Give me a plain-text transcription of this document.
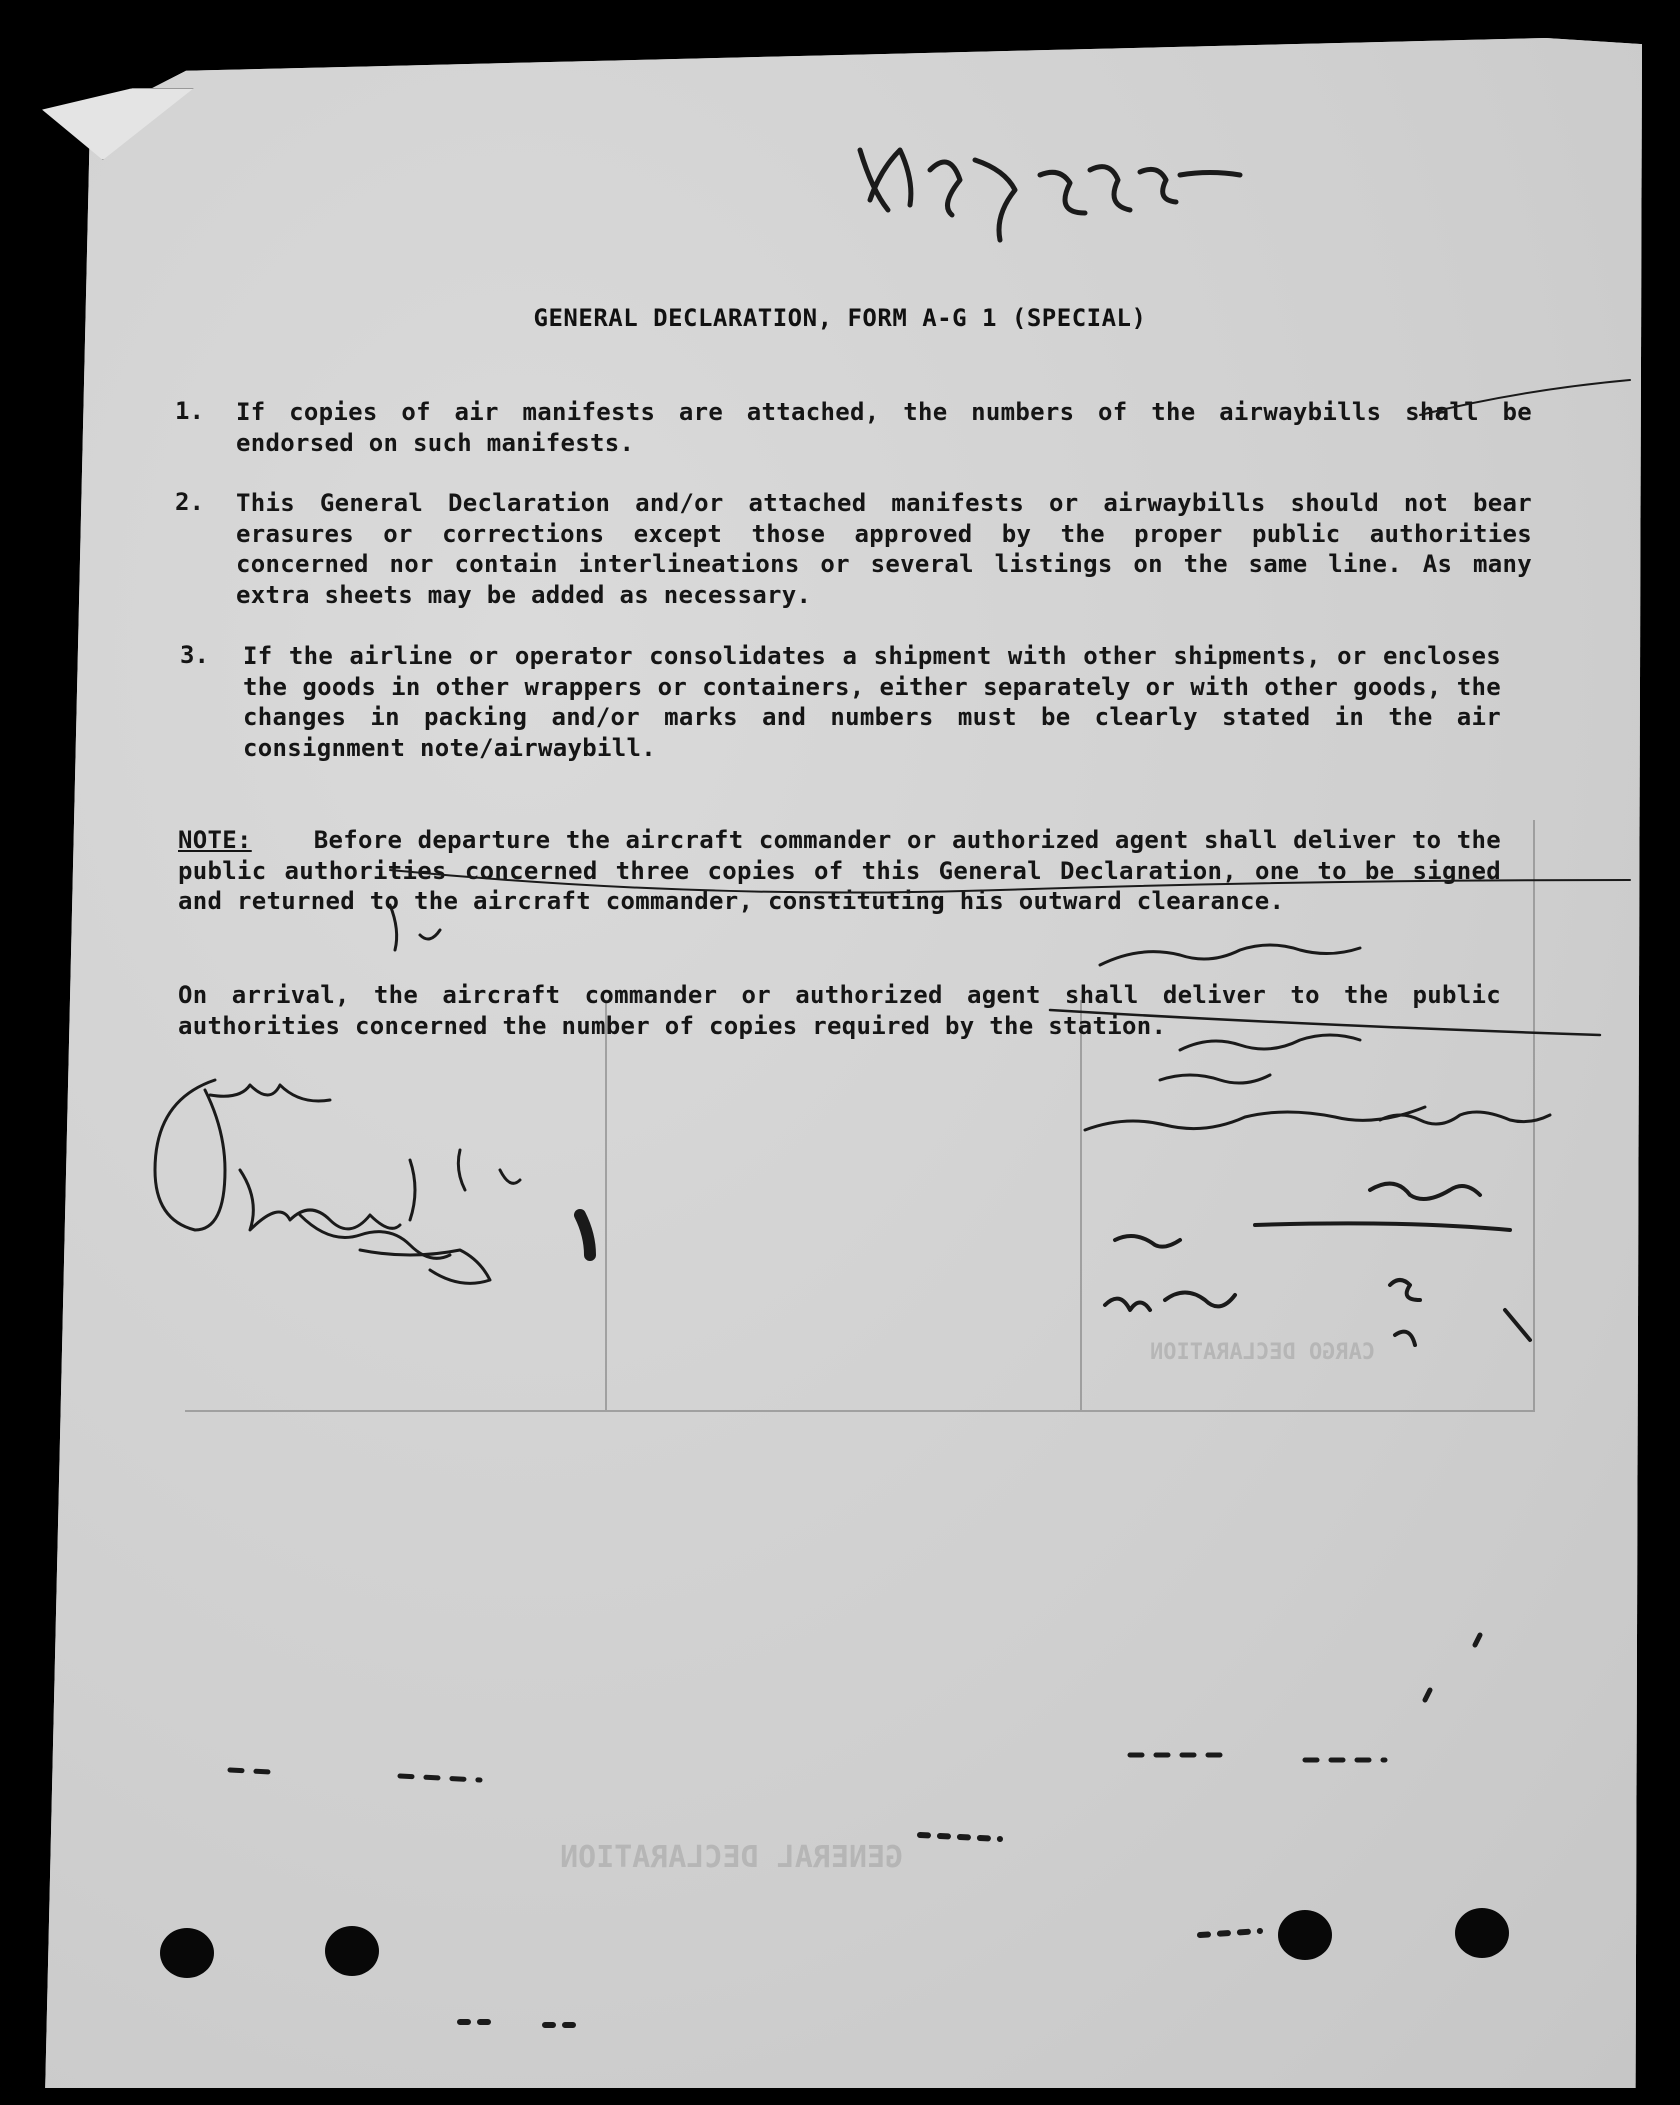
CARGO DECLARATION
GENERAL DECLARATION
GENERAL DECLARATION, FORM A-G 1 (SPECIAL)
1. If copies of air manifests are attached, the numbers of the airwaybills shall be endorsed on such manifests.
2. This General Declaration and/or attached manifests or airwaybills should not bear erasures or corrections except those approved by the proper public authorities concerned nor contain interlineations or several listings on the same line. As many extra sheets may be added as necessary.
3. If the airline or operator consolidates a shipment with other shipments, or encloses the goods in other wrappers or containers, either separately or with other goods, the changes in packing and/or marks and numbers must be clearly stated in the air consignment note/airwaybill.
NOTE:	Before departure the aircraft commander or authorized agent shall deliver to the public authorities concerned three copies of this General Declaration, one to be signed and returned to the aircraft commander, constituting his outward clearance.
On arrival, the aircraft commander or authorized agent shall deliver to the public authorities concerned the number of copies required by the station.
